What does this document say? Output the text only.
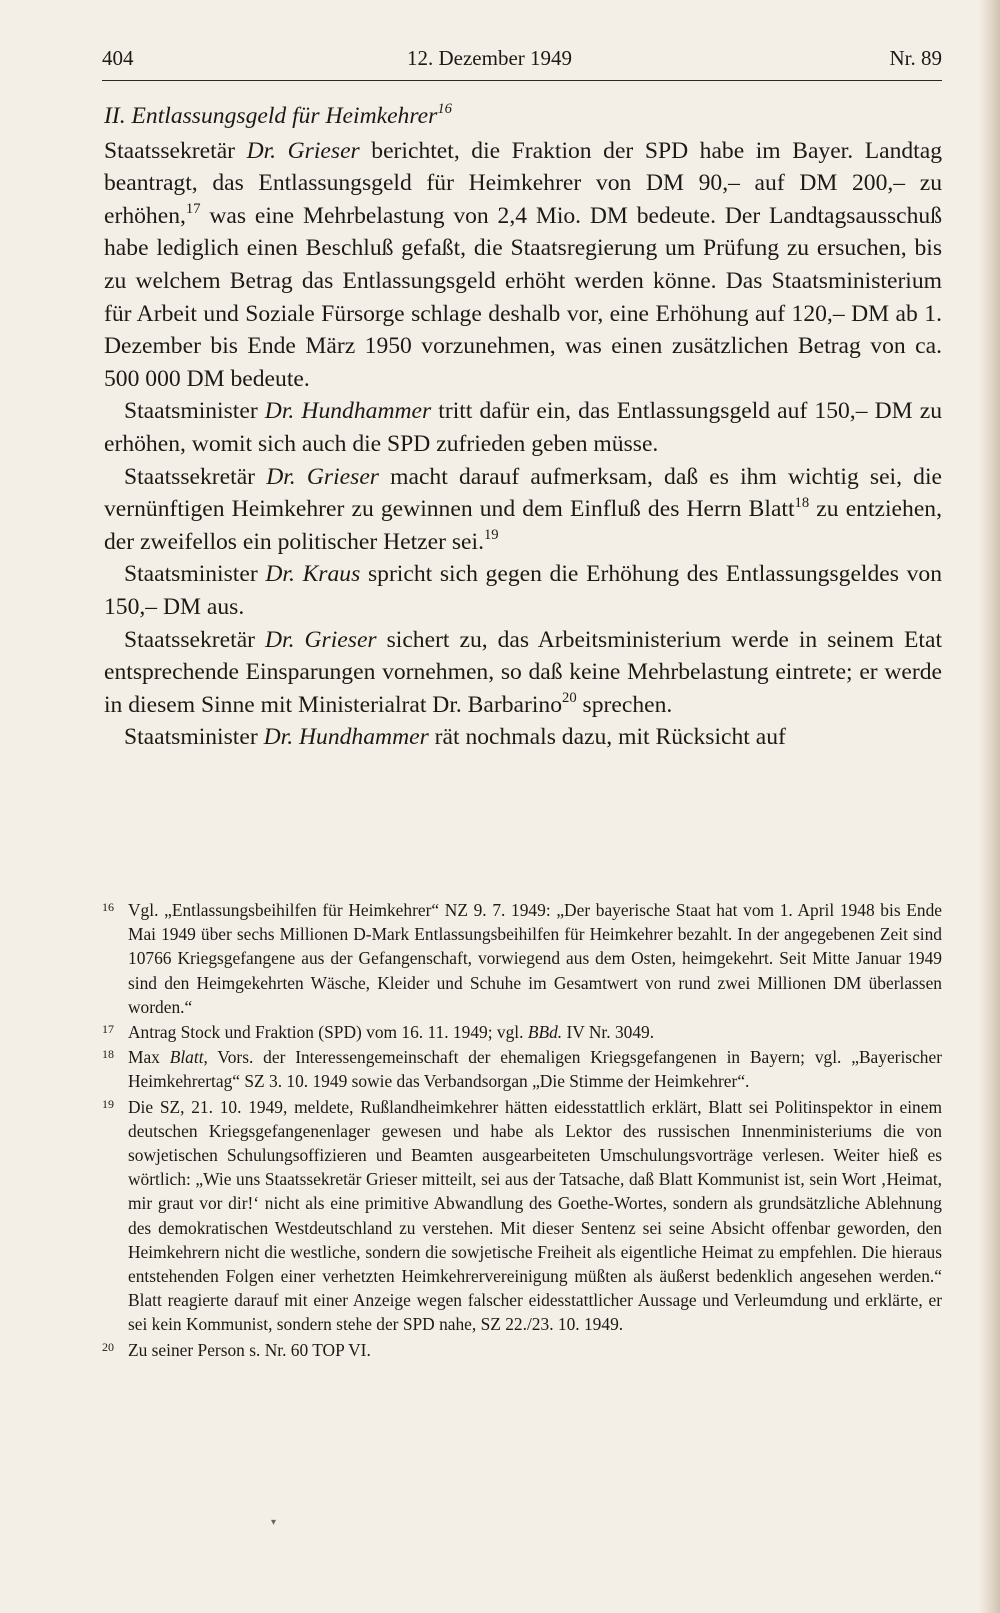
404	12. Dezember 1949	Nr. 89
II. Entlassungsgeld für Heimkehrer$^{16}$

Staatssekretär Dr. Grieser berichtet, die Fraktion der SPD habe im Bayer. Landtag beantragt, das Entlassungsgeld für Heimkehrer von DM 90,– auf DM 200,– zu erhöhen,$^{17}$ was eine Mehrbelastung von 2,4 Mio. DM bedeute. Der Landtagsausschuß habe lediglich einen Beschluß gefaßt, die Staatsregierung um Prüfung zu ersuchen, bis zu welchem Betrag das Entlassungsgeld erhöht werden könne. Das Staatsministerium für Arbeit und Soziale Fürsorge schlage deshalb vor, eine Erhöhung auf 120,– DM ab 1. Dezember bis Ende März 1950 vorzunehmen, was einen zusätzlichen Betrag von ca. 500 000 DM bedeute.

Staatsminister Dr. Hundhammer tritt dafür ein, das Entlassungsgeld auf 150,– DM zu erhöhen, womit sich auch die SPD zufrieden geben müsse.

Staatssekretär Dr. Grieser macht darauf aufmerksam, daß es ihm wichtig sei, die vernünftigen Heimkehrer zu gewinnen und dem Einfluß des Herrn Blatt$^{18}$ zu entziehen, der zweifellos ein politischer Hetzer sei.$^{19}$

Staatsminister Dr. Kraus spricht sich gegen die Erhöhung des Entlassungsgeldes von 150,– DM aus.

Staatssekretär Dr. Grieser sichert zu, das Arbeitsministerium werde in seinem Etat entsprechende Einsparungen vornehmen, so daß keine Mehrbelastung eintrete; er werde in diesem Sinne mit Ministerialrat Dr. Barbarino$^{20}$ sprechen.

Staatsminister Dr. Hundhammer rät nochmals dazu, mit Rücksicht auf

16 Vgl. „Entlassungsbeihilfen für Heimkehrer“ NZ 9. 7. 1949: „Der bayerische Staat hat vom 1. April 1948 bis Ende Mai 1949 über sechs Millionen D-Mark Entlassungsbeihilfen für Heimkehrer bezahlt. In der angegebenen Zeit sind 10766 Kriegsgefangene aus der Gefangenschaft, vorwiegend aus dem Osten, heimgekehrt. Seit Mitte Januar 1949 sind den Heimgekehrten Wäsche, Kleider und Schuhe im Gesamtwert von rund zwei Millionen DM überlassen worden.“
17 Antrag Stock und Fraktion (SPD) vom 16. 11. 1949; vgl. BBd. IV Nr. 3049.
18 Max Blatt, Vors. der Interessengemeinschaft der ehemaligen Kriegsgefangenen in Bayern; vgl. „Bayerischer Heimkehrertag“ SZ 3. 10. 1949 sowie das Verbandsorgan „Die Stimme der Heimkehrer“.
19 Die SZ, 21. 10. 1949, meldete, Rußlandheimkehrer hätten eidesstattlich erklärt, Blatt sei Politinspektor in einem deutschen Kriegsgefangenenlager gewesen und habe als Lektor des russischen Innenministeriums die von sowjetischen Schulungsoffizieren und Beamten ausgearbeiteten Umschulungsvorträge verlesen. Weiter hieß es wörtlich: „Wie uns Staatssekretär Grieser mitteilt, sei aus der Tatsache, daß Blatt Kommunist ist, sein Wort ‚Heimat, mir graut vor dir!‘ nicht als eine primitive Abwandlung des Goethe-Wortes, sondern als grundsätzliche Ablehnung des demokratischen Westdeutschland zu verstehen. Mit dieser Sentenz sei seine Absicht offenbar geworden, den Heimkehrern nicht die westliche, sondern die sowjetische Freiheit als eigentliche Heimat zu empfehlen. Die hieraus entstehenden Folgen einer verhetzten Heimkehrervereinigung müßten als äußerst bedenklich angesehen werden.“ Blatt reagierte darauf mit einer Anzeige wegen falscher eidesstattlicher Aussage und Verleumdung und erklärte, er sei kein Kommunist, sondern stehe der SPD nahe, SZ 22./23. 10. 1949.
20 Zu seiner Person s. Nr. 60 TOP VI.
▾
